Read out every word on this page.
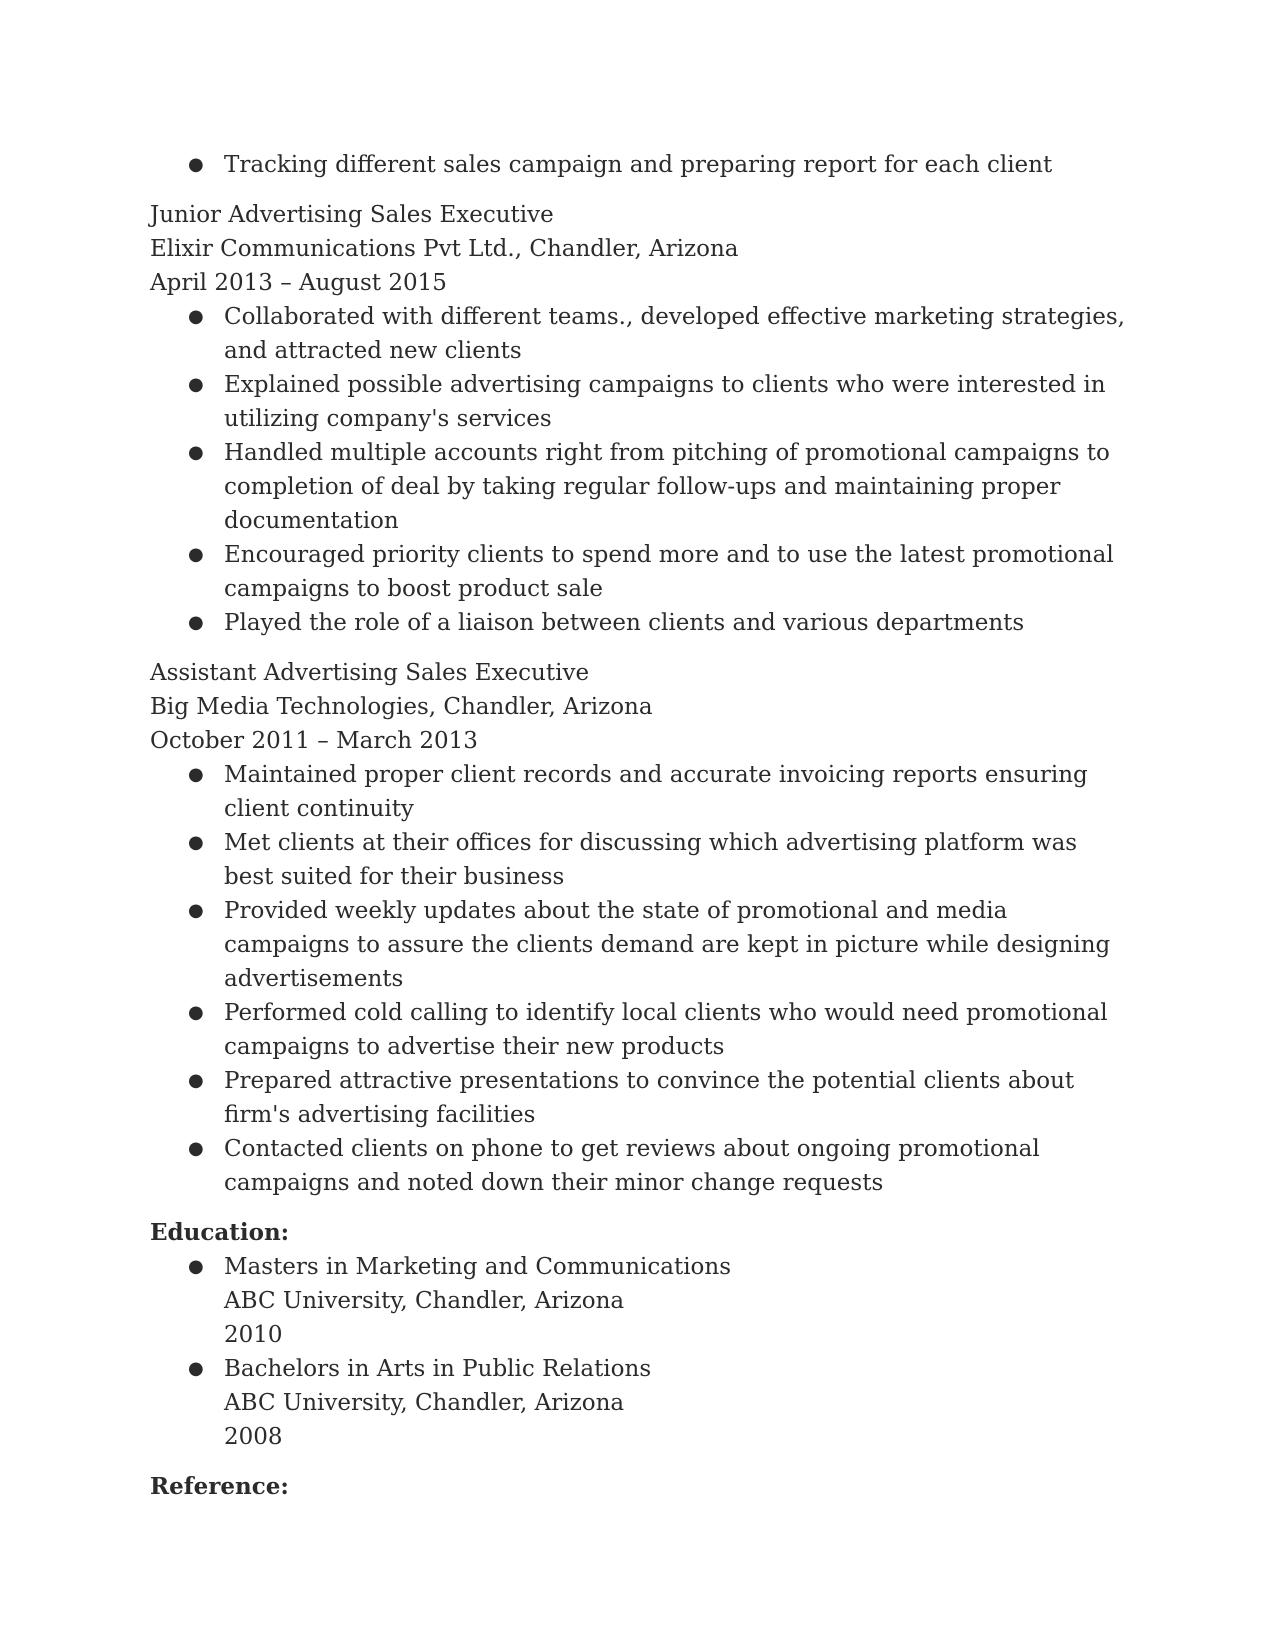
● Tracking different sales campaign and preparing report for each client
Junior Advertising Sales Executive
Elixir Communications Pvt Ltd., Chandler, Arizona
April 2013 – August 2015
● Collaborated with different teams., developed effective marketing strategies, and attracted new clients
● Explained possible advertising campaigns to clients who were interested in utilizing company's services
● Handled multiple accounts right from pitching of promotional campaigns to completion of deal by taking regular follow-ups and maintaining proper documentation
● Encouraged priority clients to spend more and to use the latest promotional campaigns to boost product sale
● Played the role of a liaison between clients and various departments
Assistant Advertising Sales Executive
Big Media Technologies, Chandler, Arizona
October 2011 – March 2013
● Maintained proper client records and accurate invoicing reports ensuring client continuity
● Met clients at their offices for discussing which advertising platform was best suited for their business
● Provided weekly updates about the state of promotional and media campaigns to assure the clients demand are kept in picture while designing advertisements
● Performed cold calling to identify local clients who would need promotional campaigns to advertise their new products
● Prepared attractive presentations to convince the potential clients about firm's advertising facilities
● Contacted clients on phone to get reviews about ongoing promotional campaigns and noted down their minor change requests
Education:
● Masters in Marketing and Communications
ABC University, Chandler, Arizona
2010
● Bachelors in Arts in Public Relations
ABC University, Chandler, Arizona
2008
Reference:
